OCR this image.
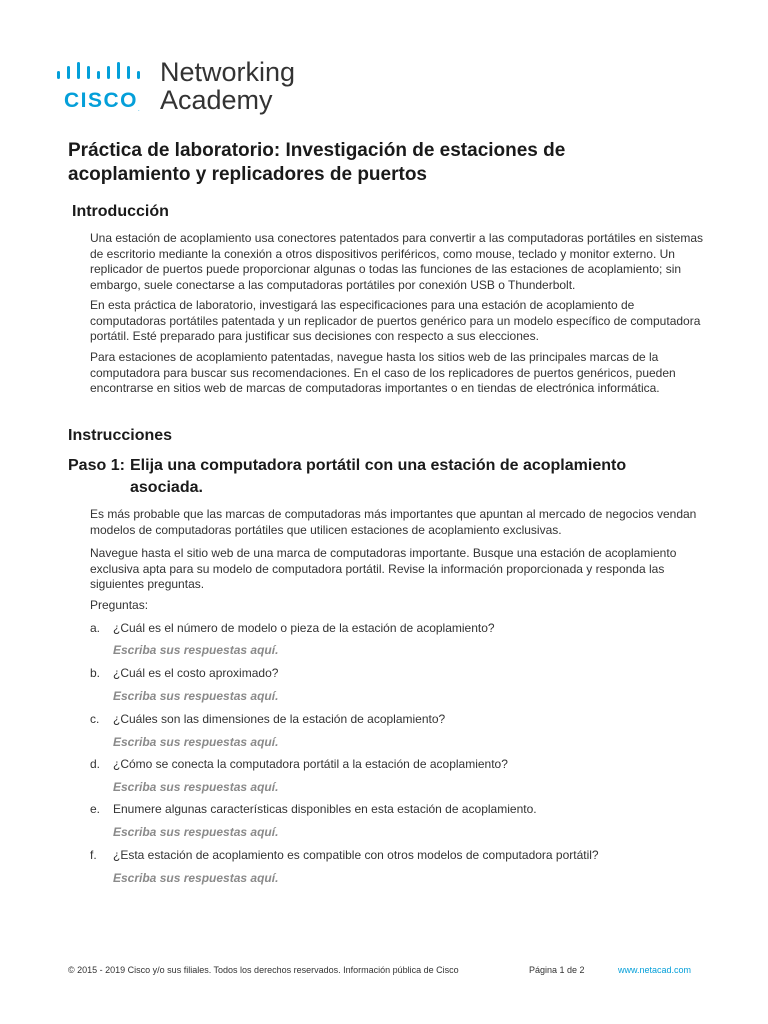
CISCO.
Networking
Academy
Práctica de laboratorio: Investigación de estaciones de acoplamiento y replicadores de puertos
Introducción

Una estación de acoplamiento usa conectores patentados para convertir a las computadoras portátiles en sistemas de escritorio mediante la conexión a otros dispositivos periféricos, como mouse, teclado y monitor externo. Un replicador de puertos puede proporcionar algunas o todas las funciones de las estaciones de acoplamiento; sin embargo, suele conectarse a las computadoras portátiles por conexión USB o Thunderbolt.

En esta práctica de laboratorio, investigará las especificaciones para una estación de acoplamiento de computadoras portátiles patentada y un replicador de puertos genérico para un modelo específico de computadora portátil. Esté preparado para justificar sus decisiones con respecto a sus elecciones.

Para estaciones de acoplamiento patentadas, navegue hasta los sitios web de las principales marcas de la computadora para buscar sus recomendaciones. En el caso de los replicadores de puertos genéricos, pueden encontrarse en sitios web de marcas de computadoras importantes o en tiendas de electrónica informática.

Instrucciones
Paso 1: Elija una computadora portátil con una estación de acoplamiento
asociada.

Es más probable que las marcas de computadoras más importantes que apuntan al mercado de negocios vendan modelos de computadoras portátiles que utilicen estaciones de acoplamiento exclusivas.

Navegue hasta el sitio web de una marca de computadoras importante. Busque una estación de acoplamiento exclusiva apta para su modelo de computadora portátil. Revise la información proporcionada y responda las siguientes preguntas.

Preguntas:
a. ¿Cuál es el número de modelo o pieza de la estación de acoplamiento?
Escriba sus respuestas aquí.
b. ¿Cuál es el costo aproximado?
Escriba sus respuestas aquí.
c. ¿Cuáles son las dimensiones de la estación de acoplamiento?
Escriba sus respuestas aquí.
d. ¿Cómo se conecta la computadora portátil a la estación de acoplamiento?
Escriba sus respuestas aquí.
e. Enumere algunas características disponibles en esta estación de acoplamiento.
Escriba sus respuestas aquí.
f. ¿Esta estación de acoplamiento es compatible con otros modelos de computadora portátil?
Escriba sus respuestas aquí.
© 2015 - 2019 Cisco y/o sus filiales. Todos los derechos reservados. Información pública de Cisco	Página 1 de 2	www.netacad.com
